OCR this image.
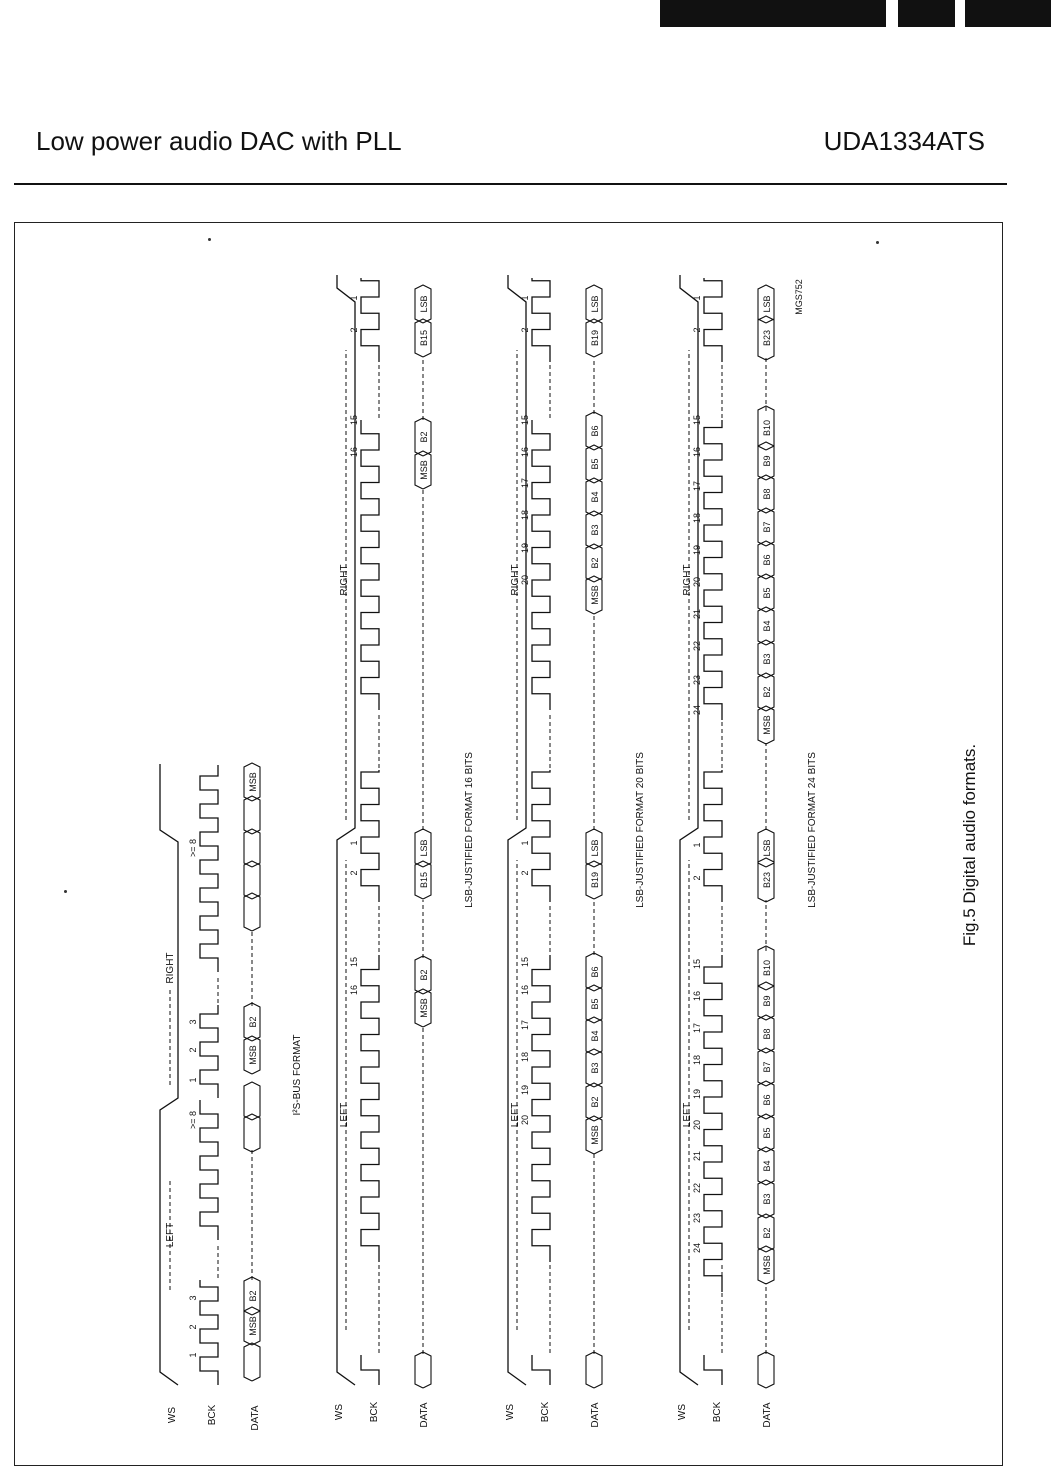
Low power audio DAC with PLL	UDA1334ATS
WS	BCK	DATA
LEFT
RIGHT
1
2
3
>= 8
1
2
3
>= 8
MSB
B2
MSB
B2
MSB
I²S-BUS FORMAT
WS BCK	DATA
LEFT
RIGHT
16
16
15
15
2
2
1
1
MSB
B2
B15
LSB
MSB
B2
B15
LSB
LSB-JUSTIFIED FORMAT 16 BITS
WS BCK	DATA
LEFT
RIGHT
20
20
19
19
18
18
17
17
16
16
15
15
2
2
1
1
MSB
B2
B3
B4
B5
B6
B19
LSB
MSB
B2
B3
B4
B5
B6
B19
LSB
LSB-JUSTIFIED FORMAT 20 BITS
WS BCK	DATA
LEFT
RIGHT
24
24
23
23
22
22
21
21
20
20
19
19
18
18
17
17
16
16
15
15
2
2
1
1
MSB
B2
B3
B4
B5
B6
B7
B8
B9
B10
B23
LSB
MSB
B2
B3
B4
B5
B6
B7
B8
B9
B10
B23
LSB
LSB-JUSTIFIED FORMAT 24 BITS
MGS752
Fig.5 Digital audio formats.
